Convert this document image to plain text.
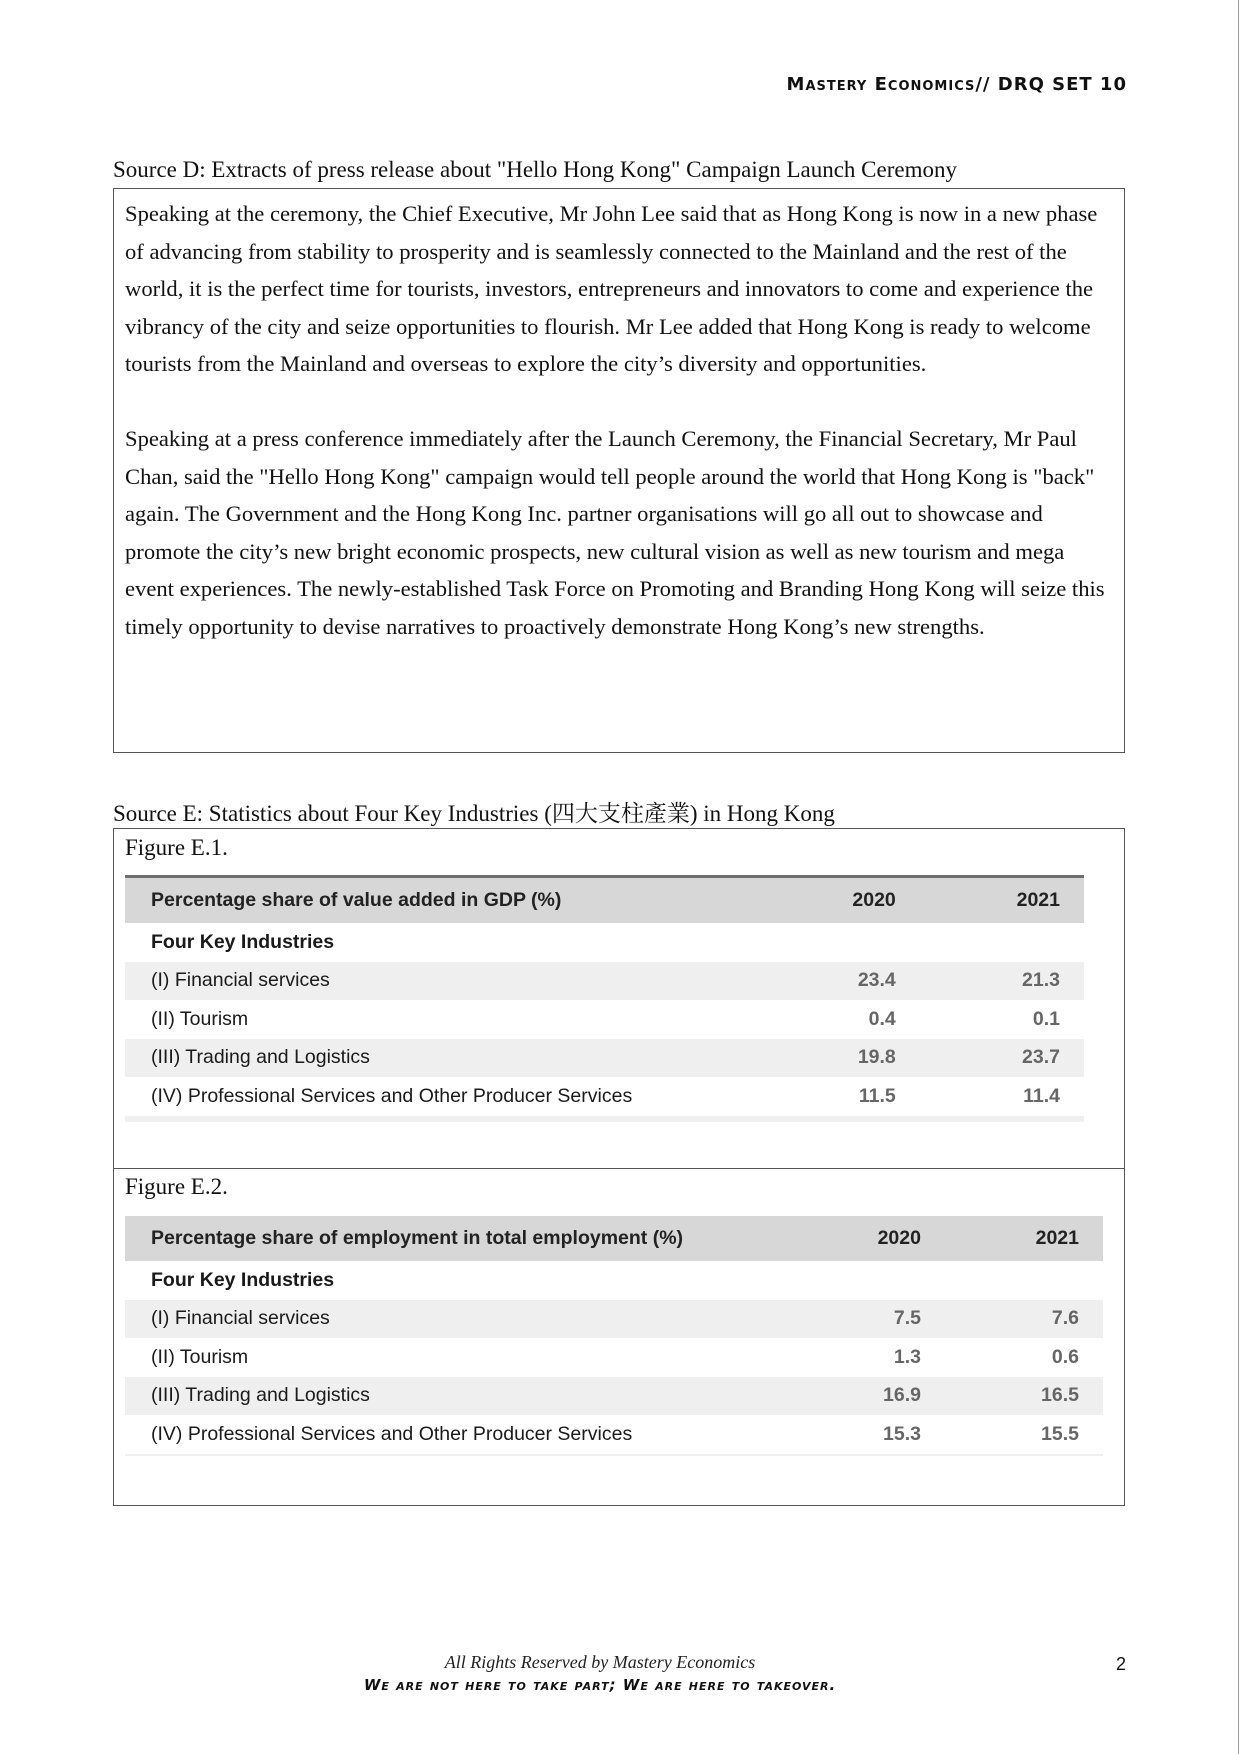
Mastery Economics// DRQ SET 10
Source D: Extracts of press release about "Hello Hong Kong" Campaign Launch Ceremony

Speaking at the ceremony, the Chief Executive, Mr John Lee said that as Hong Kong is now in a new phase of advancing from stability to prosperity and is seamlessly connected to the Mainland and the rest of the world, it is the perfect time for tourists, investors, entrepreneurs and innovators to come and experience the vibrancy of the city and seize opportunities to flourish. Mr Lee added that Hong Kong is ready to welcome tourists from the Mainland and overseas to explore the city’s diversity and opportunities.

Speaking at a press conference immediately after the Launch Ceremony, the Financial Secretary, Mr Paul Chan, said the "Hello Hong Kong" campaign would tell people around the world that Hong Kong is "back" again. The Government and the Hong Kong Inc. partner organisations will go all out to showcase and promote the city’s new bright economic prospects, new cultural vision as well as new tourism and mega event experiences. The newly-established Task Force on Promoting and Branding Hong Kong will seize this timely opportunity to devise narratives to proactively demonstrate Hong Kong’s new strengths.

Source E: Statistics about Four Key Industries (四大支柱產業) in Hong Kong
Figure E.1.
Percentage share of value added in GDP (%)	2020	2021
Four Key Industries		
(I) Financial services	23.4	21.3
(II) Tourism	0.4	0.1
(III) Trading and Logistics	19.8	23.7
(IV) Professional Services and Other Producer Services	11.5	11.4

Figure E.2.
Percentage share of employment in total employment (%)	2020	2021
Four Key Industries		
(I) Financial services	7.5	7.6
(II) Tourism	1.3	0.6
(III) Trading and Logistics	16.9	16.5
(IV) Professional Services and Other Producer Services	15.3	15.5

All Rights Reserved by Mastery Economics
We are not here to take part; We are here to takeover.
2
